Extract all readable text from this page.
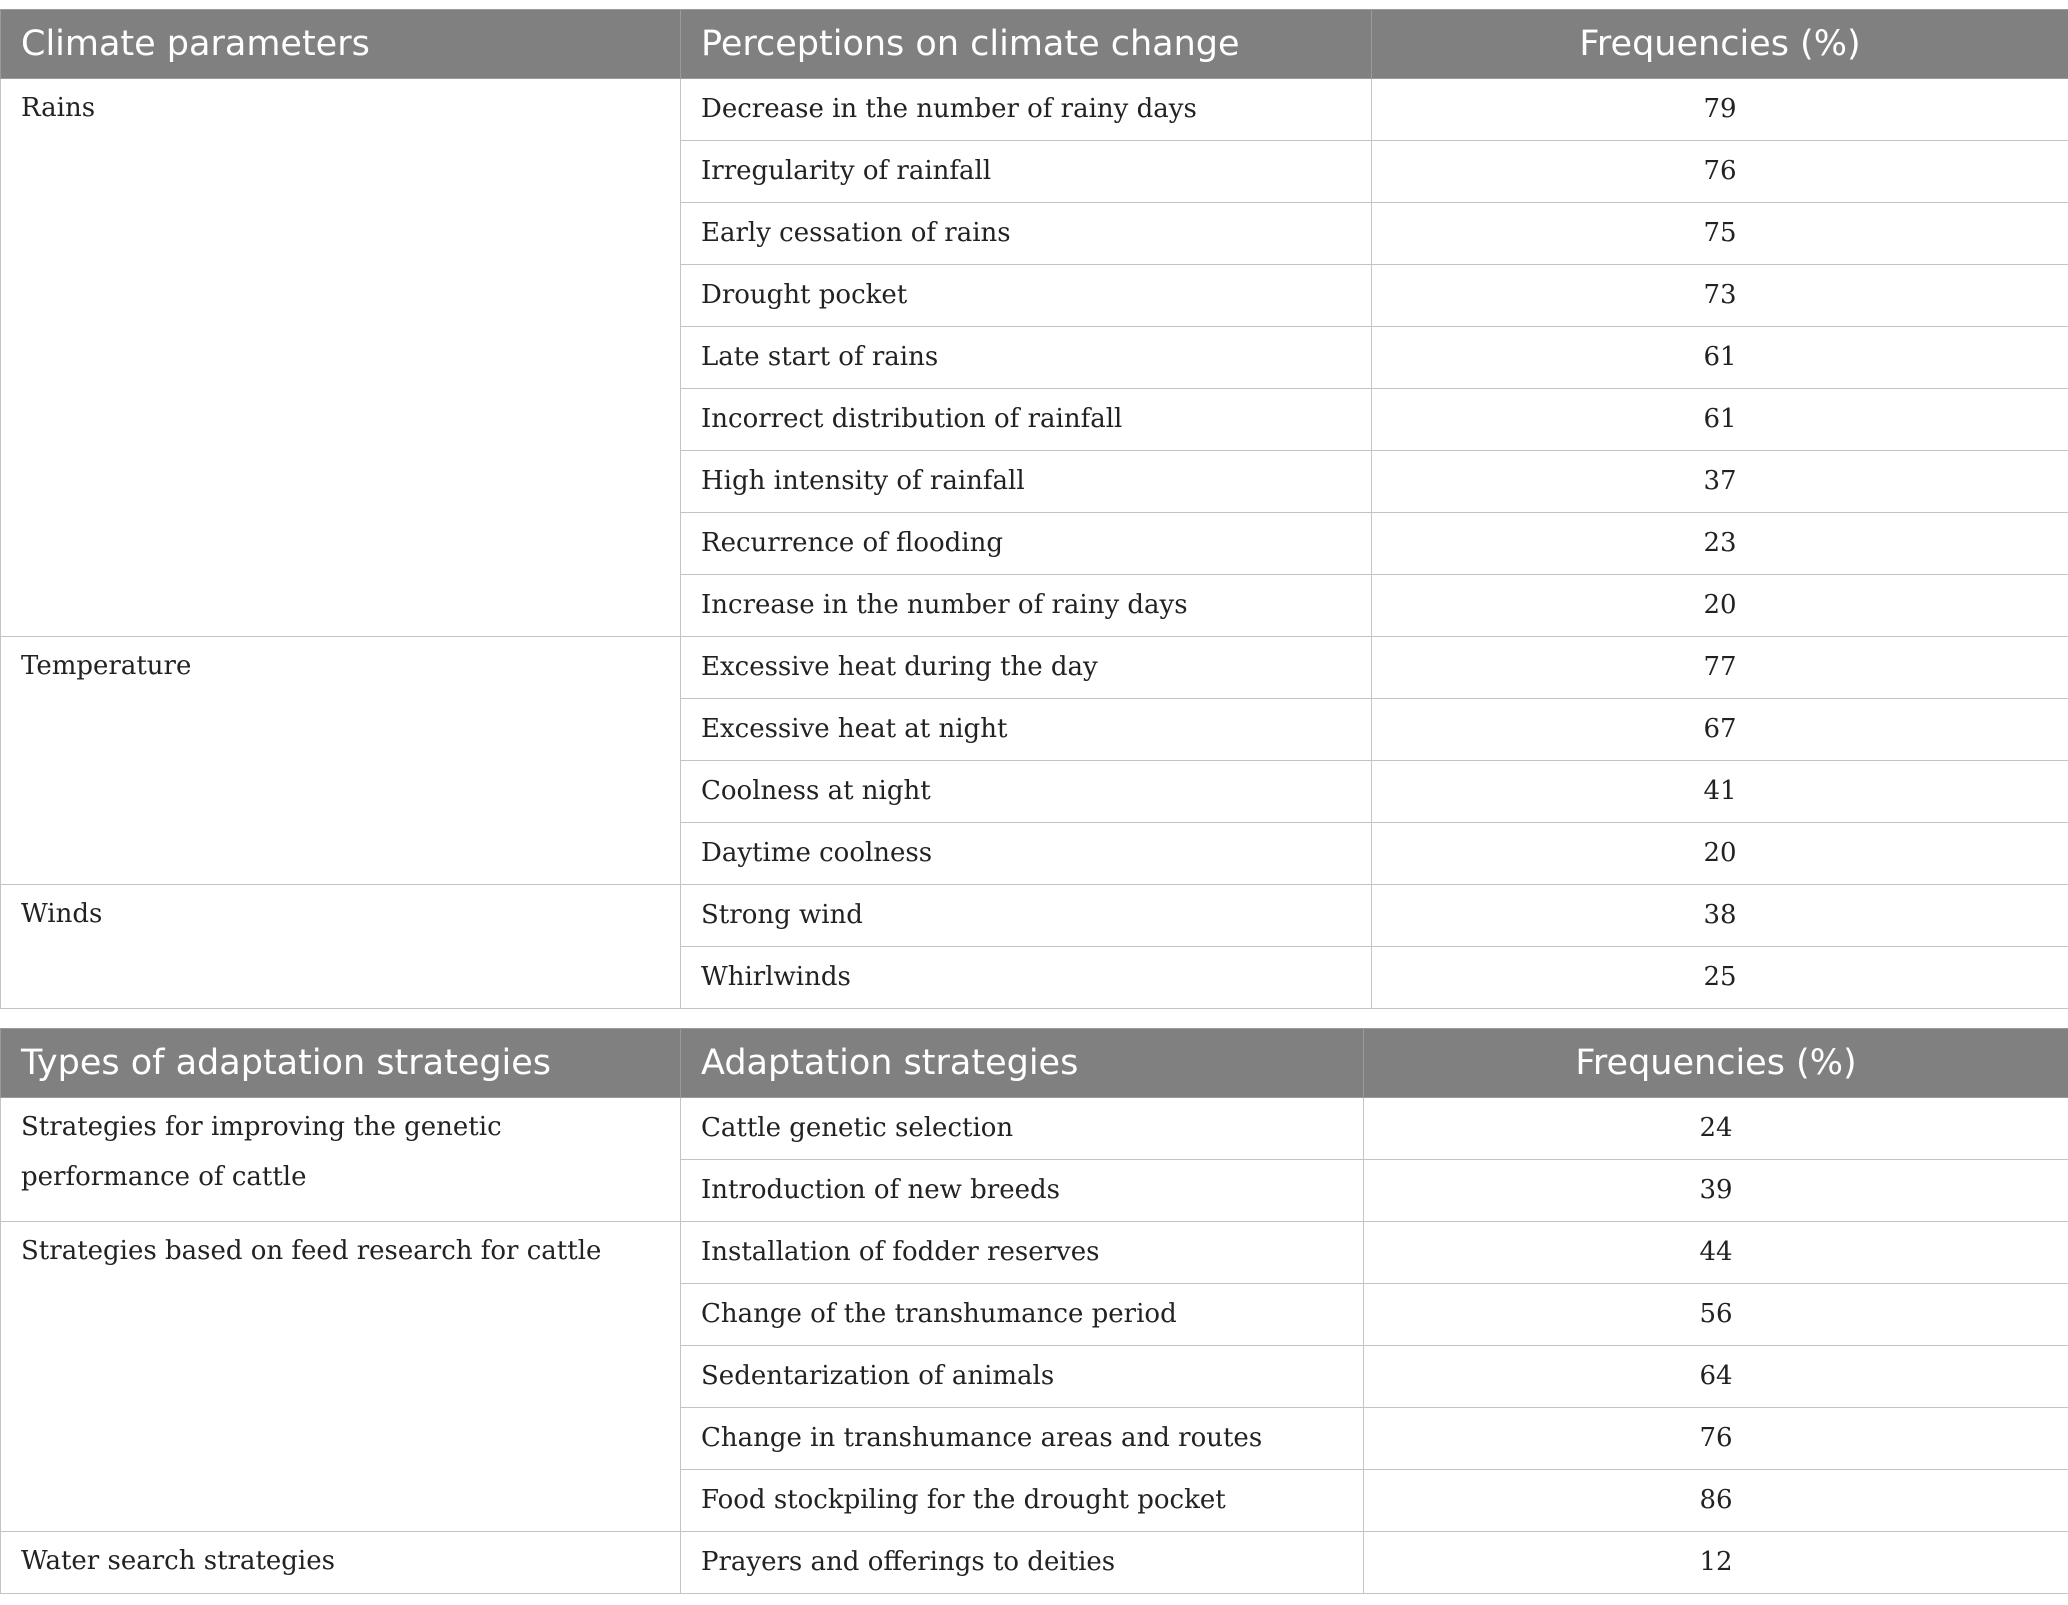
Climate parameters	Perceptions on climate change	Frequencies (%)
Rains	Decrease in the number of rainy days	79
	Irregularity of rainfall	76
	Early cessation of rains	75
	Drought pocket	73
	Late start of rains	61
	Incorrect distribution of rainfall	61
	High intensity of rainfall	37
	Recurrence of flooding	23
	Increase in the number of rainy days	20
Temperature	Excessive heat during the day	77
	Excessive heat at night	67
	Coolness at night	41
	Daytime coolness	20
Winds	Strong wind	38
	Whirlwinds	25
Types of adaptation strategies	Adaptation strategies	Frequencies (%)
Strategies for improving the genetic performance of cattle	Cattle genetic selection	24
	Introduction of new breeds	39
Strategies based on feed research for cattle	Installation of fodder reserves	44
	Change of the transhumance period	56
	Sedentarization of animals	64
	Change in transhumance areas and routes	76
	Food stockpiling for the drought pocket	86
Water search strategies	Prayers and offerings to deities	12
